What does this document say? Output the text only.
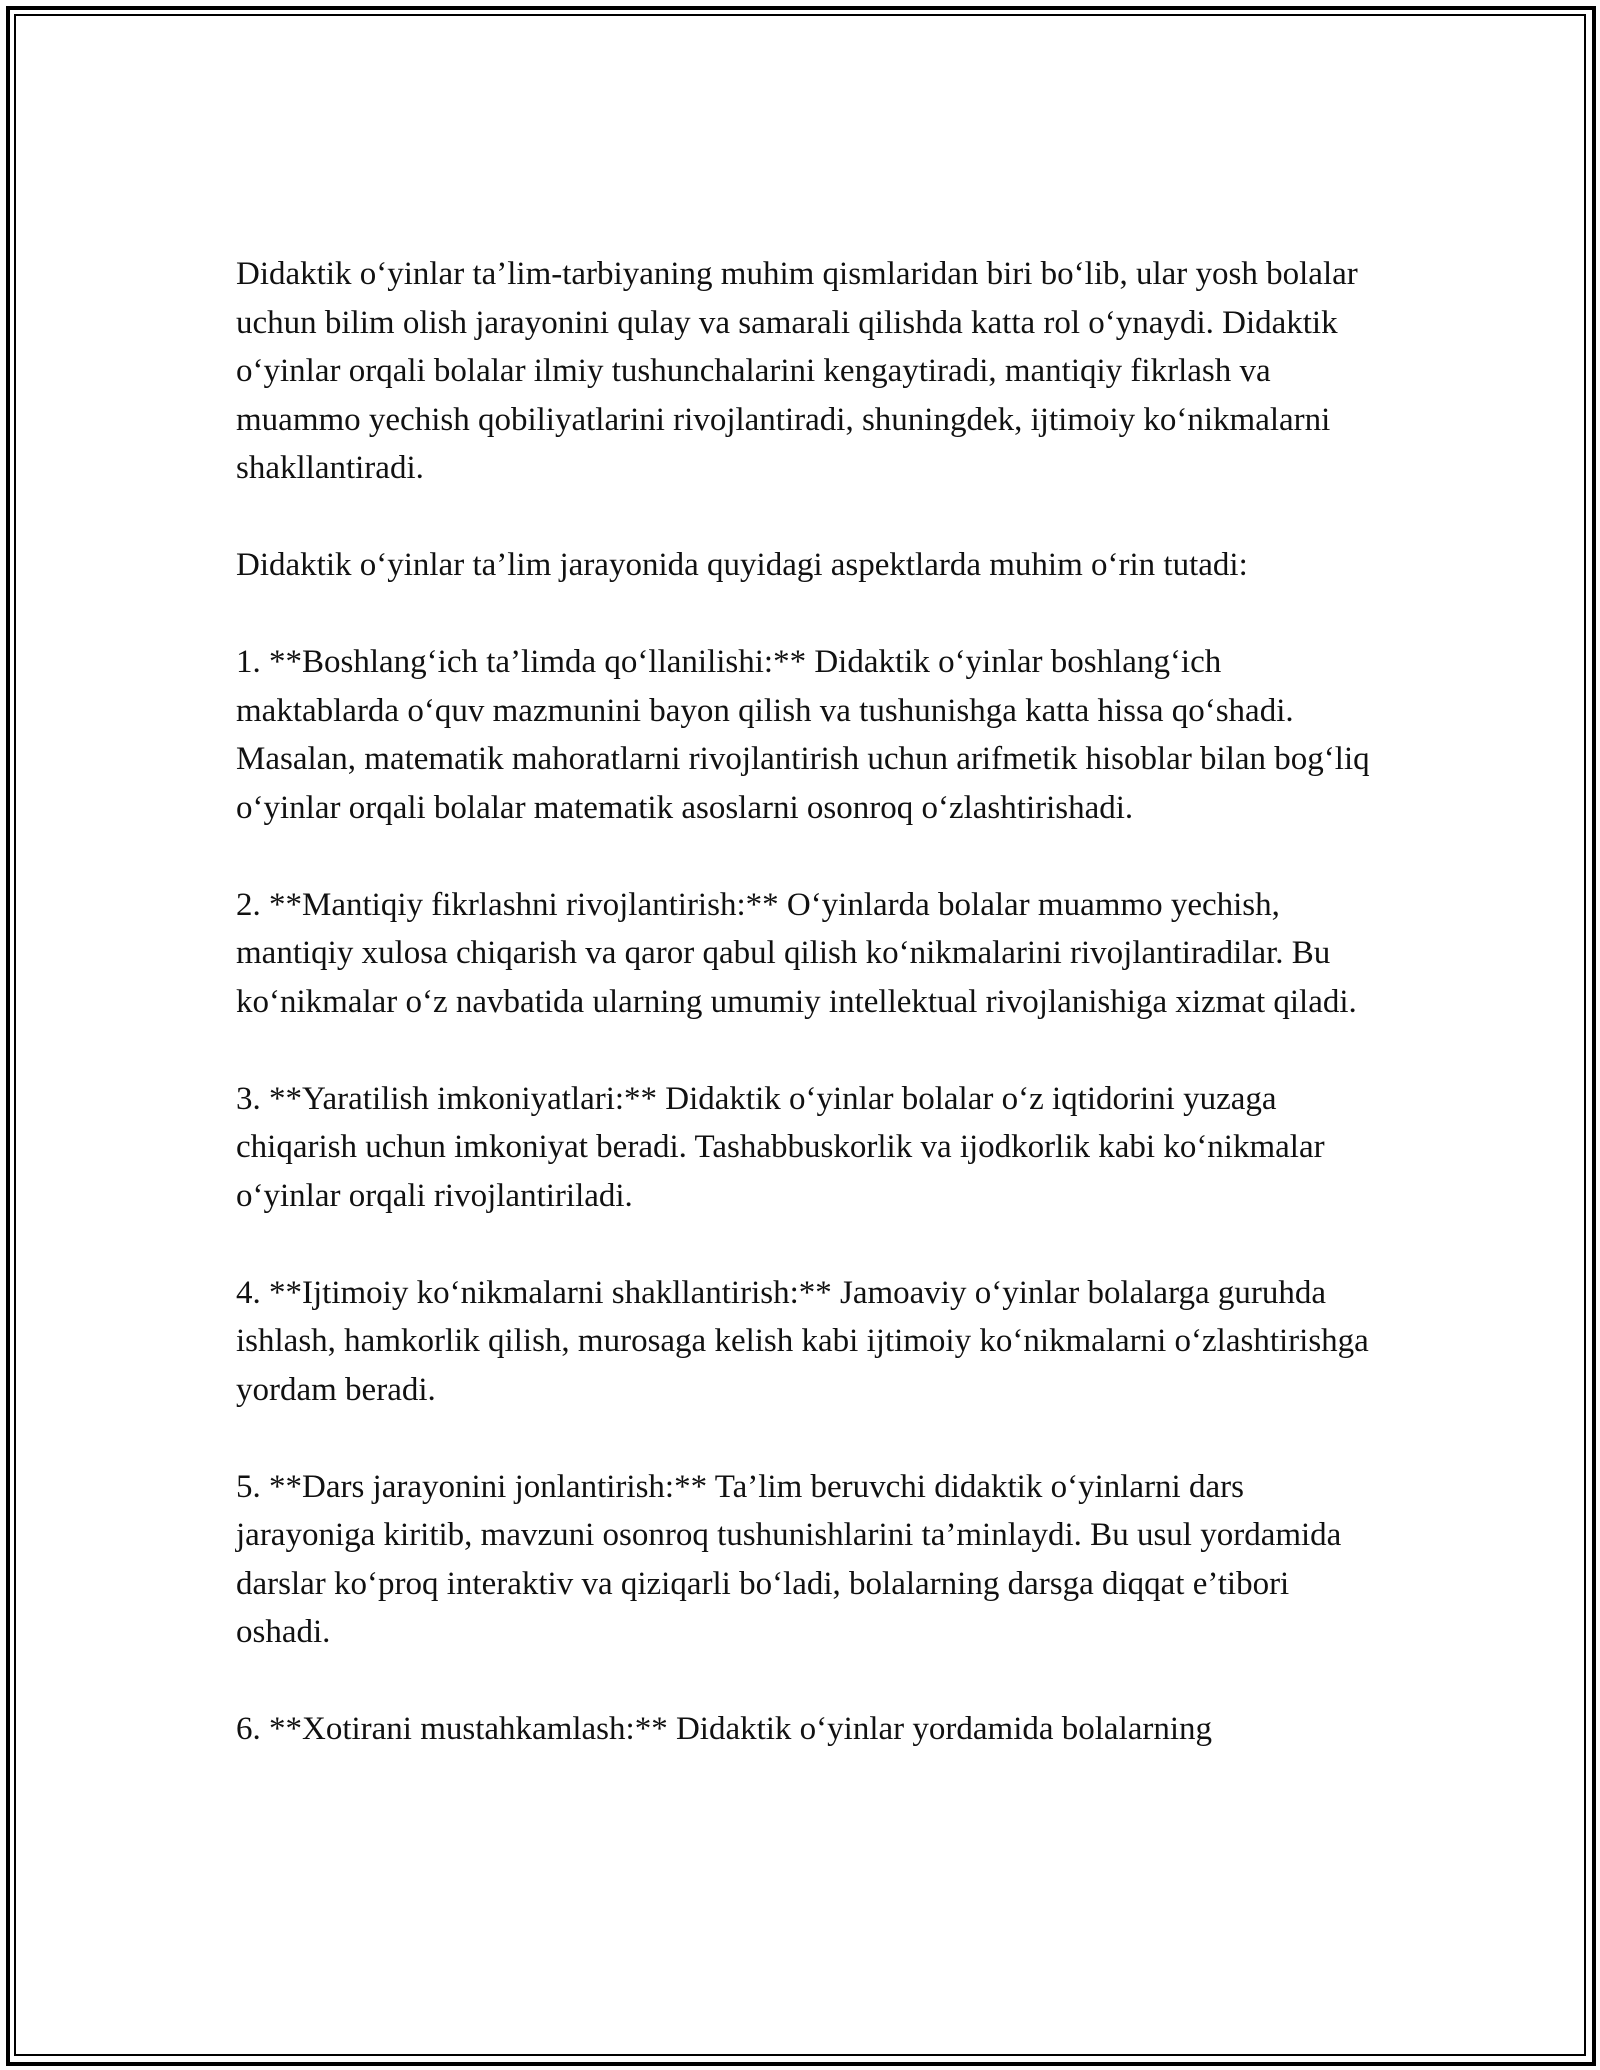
Didaktik o‘yinlar ta’lim-tarbiyaning muhim qismlaridan biri bo‘lib, ular yosh bolalar uchun bilim olish jarayonini qulay va samarali qilishda katta rol o‘ynaydi. Didaktik o‘yinlar orqali bolalar ilmiy tushunchalarini kengaytiradi, mantiqiy fikrlash va muammo yechish qobiliyatlarini rivojlantiradi, shuningdek, ijtimoiy ko‘nikmalarni shakllantiradi.

Didaktik o‘yinlar ta’lim jarayonida quyidagi aspektlarda muhim o‘rin tutadi:

1. **Boshlang‘ich ta’limda qo‘llanilishi:** Didaktik o‘yinlar boshlang‘ich maktablarda o‘quv mazmunini bayon qilish va tushunishga katta hissa qo‘shadi. Masalan, matematik mahoratlarni rivojlantirish uchun arifmetik hisoblar bilan bog‘liq o‘yinlar orqali bolalar matematik asoslarni osonroq o‘zlashtirishadi.

2. **Mantiqiy fikrlashni rivojlantirish:** O‘yinlarda bolalar muammo yechish, mantiqiy xulosa chiqarish va qaror qabul qilish ko‘nikmalarini rivojlantiradilar. Bu ko‘nikmalar o‘z navbatida ularning umumiy intellektual rivojlanishiga xizmat qiladi.

3. **Yaratilish imkoniyatlari:** Didaktik o‘yinlar bolalar o‘z iqtidorini yuzaga chiqarish uchun imkoniyat beradi. Tashabbuskorlik va ijodkorlik kabi ko‘nikmalar o‘yinlar orqali rivojlantiriladi.

4. **Ijtimoiy ko‘nikmalarni shakllantirish:** Jamoaviy o‘yinlar bolalarga guruhda ishlash, hamkorlik qilish, murosaga kelish kabi ijtimoiy ko‘nikmalarni o‘zlashtirishga yordam beradi.

5. **Dars jarayonini jonlantirish:** Ta’lim beruvchi didaktik o‘yinlarni dars jarayoniga kiritib, mavzuni osonroq tushunishlarini ta’minlaydi. Bu usul yordamida darslar ko‘proq interaktiv va qiziqarli bo‘ladi, bolalarning darsga diqqat e’tibori oshadi.

6. **Xotirani mustahkamlash:** Didaktik o‘yinlar yordamida bolalarning
